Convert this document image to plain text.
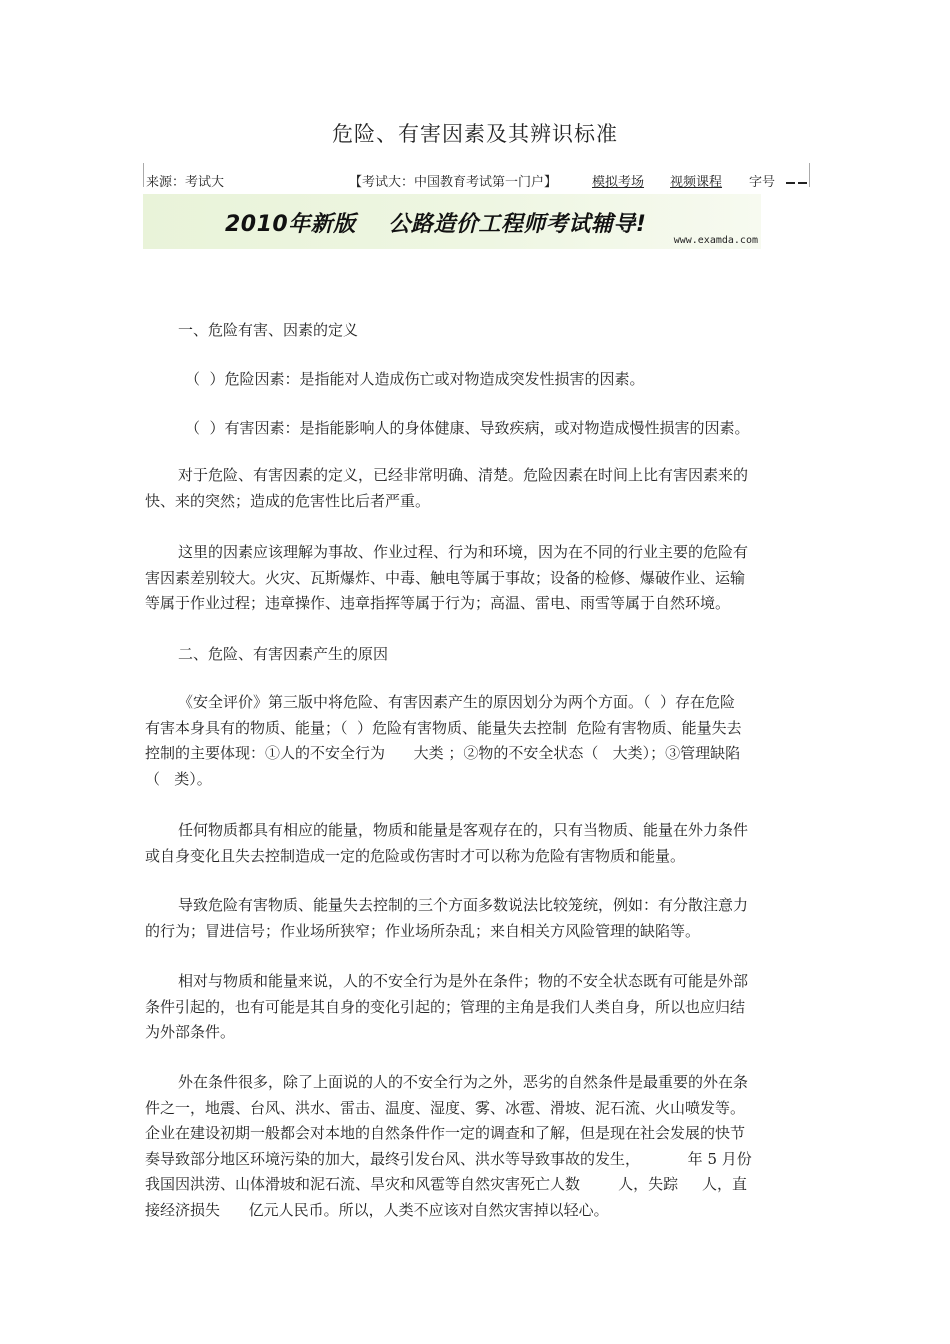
危险、有害因素及其辨识标准
来源：考试大	【考试大：中国教育考试第一门户】	模拟考场 视频课程 字号
2010年新版    公路造价工程师考试辅导!
www.examda.com
一、危险有害、因素的定义
（  ）危险因素：是指能对人造成伤亡或对物造成突发性损害的因素。
（  ）有害因素：是指能影响人的身体健康、导致疾病，或对物造成慢性损害的因素。
对于危险、有害因素的定义，已经非常明确、清楚。危险因素在时间上比有害因素来的
快、来的突然；造成的危害性比后者严重。
这里的因素应该理解为事故、作业过程、行为和环境，因为在不同的行业主要的危险有
害因素差别较大。火灾、瓦斯爆炸、中毒、触电等属于事故；设备的检修、爆破作业、运输
等属于作业过程；违章操作、违章指挥等属于行为；高温、雷电、雨雪等属于自然环境。
二、危险、有害因素产生的原因
《安全评价》第三版中将危险、有害因素产生的原因划分为两个方面。（  ）存在危险
有害本身具有的物质、能量；（  ）危险有害物质、能量失去控制  危险有害物质、能量失去
控制的主要体现：①人的不安全行为      大类 ；②物的不安全状态（   大类）；③管理缺陷
（   类）。
任何物质都具有相应的能量，物质和能量是客观存在的，只有当物质、能量在外力条件
或自身变化且失去控制造成一定的危险或伤害时才可以称为危险有害物质和能量。
导致危险有害物质、能量失去控制的三个方面多数说法比较笼统，例如：有分散注意力
的行为；冒进信号；作业场所狭窄；作业场所杂乱；来自相关方风险管理的缺陷等。
相对与物质和能量来说，人的不安全行为是外在条件；物的不安全状态既有可能是外部
条件引起的，也有可能是其自身的变化引起的；管理的主角是我们人类自身，所以也应归结
为外部条件。
外在条件很多，除了上面说的人的不安全行为之外，恶劣的自然条件是最重要的外在条
件之一，地震、台风、洪水、雷击、温度、湿度、雾、冰雹、滑坡、泥石流、火山喷发等。
企业在建设初期一般都会对本地的自然条件作一定的调查和了解，但是现在社会发展的快节
奏导致部分地区环境污染的加大，最终引发台风、洪水等导致事故的发生，          年 5 月份
我国因洪涝、山体滑坡和泥石流、旱灾和风雹等自然灾害死亡人数        人，失踪     人，直
接经济损失      亿元人民币。所以，人类不应该对自然灾害掉以轻心。
